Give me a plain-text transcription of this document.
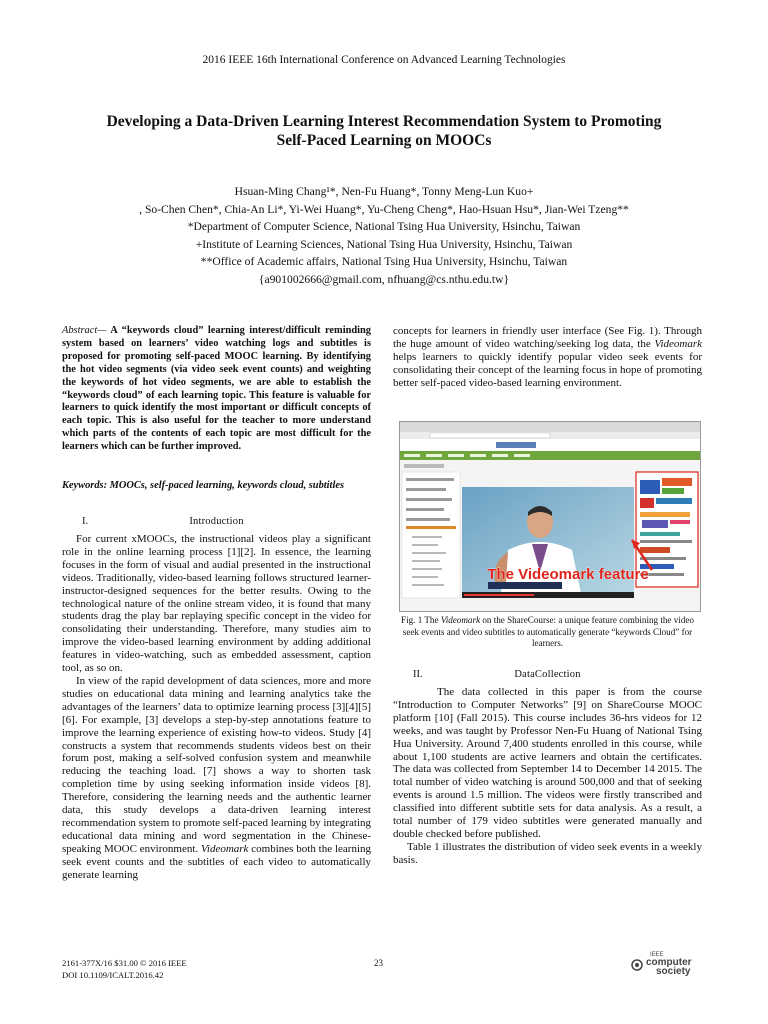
2016 IEEE 16th International Conference on Advanced Learning Technologies
Developing a Data-Driven Learning Interest Recommendation System to Promoting
Self-Paced Learning on MOOCs
Hsuan-Ming Chang¹*, Nen-Fu Huang*, Tonny Meng-Lun Kuo+
, So-Chen Chen*, Chia-An Li*, Yi-Wei Huang*, Yu-Cheng Cheng*, Hao-Hsuan Hsu*, Jian-Wei Tzeng**
*Department of Computer Science, National Tsing Hua University, Hsinchu, Taiwan
+Institute of Learning Sciences, National Tsing Hua University, Hsinchu, Taiwan
**Office of Academic affairs, National Tsing Hua University, Hsinchu, Taiwan
{a901002666@gmail.com, nfhuang@cs.nthu.edu.tw}
Abstract— A “keywords cloud” learning interest/difficult reminding system based on learners’ video watching logs and subtitles is proposed for promoting self-paced MOOC learning. By identifying the hot video segments (via video seek event counts) and weighting the keywords of hot video segments, we are able to establish the “keywords cloud” of each learning topic. This feature is valuable for learners to quick identify the most important or difficult concepts of each topic. This is also useful for the teacher to more understand which parts of the contents of each topic are most difficult for the learners which can be further improved.
Keywords: MOOCs, self-paced learning, keywords cloud, subtitles
I.	Introduction

For current xMOOCs, the instructional videos play a significant role in the online learning process [1][2]. In essence, the learning focuses in the form of visual and audial presented in the instructional videos. Traditionally, video-based learning follows structured learner-instructor-designed sequences for the better results. Owing to the technological nature of the online stream video, it is found that many students drag the play bar replaying specific concept in the video for consolidating their understanding. Therefore, many studies aim to improve the video-based learning environment by adding additional features in video-watching, such as embedded assessment, caption tool, as so on.

In view of the rapid development of data sciences, more and more studies on educational data mining and learning analytics take the advantages of the learners’ data to optimize learning process [3][4][5][6]. For example, [3] develops a step-by-step annotations feature to improve the learning experience of existing how-to videos. Study [4] constructs a system that recommends students videos best on their forum post, making a self-solved confusion system and meanwhile reducing the teaching load. [7] shows a way to shorten task completion time by using seeking information inside videos [8]. Therefore, considering the learning needs and the authentic learner data, this study develops a data-driven learning interest recommendation system to promote self-paced learning by integrating educational data mining and word segmentation in the Chinese-speaking MOOC environment. Videomark combines both the learning seek event counts and the subtitles of each video to automatically generate learning

concepts for learners in friendly user interface (See Fig. 1). Through the huge amount of video watching/seeking log data, the Videomark helps learners to quickly identify popular video seek events for consolidating their concept of the learning focus in hope of promoting better self-paced video-based learning environment.
The Videomark feature
Fig. 1 The Videomark on the ShareCourse: a unique feature combining the video seek events and video subtitles to automatically generate “keywords Cloud” for learners.
II.	DataCollection

The data collected in this paper is from the course “Introduction to Computer Networks” [9] on ShareCourse MOOC platform [10] (Fall 2015). This course includes 36-hrs videos for 12 weeks, and was taught by Professor Nen-Fu Huang of National Tsing Hua University. Around 7,400 students enrolled in this course, while about 1,100 students are active learners and obtain the certificates. The data was collected from September 14 to December 14 2015. The total number of video watching is around 500,000 and that of seeking events is around 1.5 million. The videos were firstly transcribed and classified into different subtitle sets for data analysis. As a result, a total number of 179 video subtitles were generated manually and double checked before published.

Table 1 illustrates the distribution of video seek events in a weekly basis.

2161-377X/16 $31.00 © 2016 IEEE
DOI 10.1109/ICALT.2016.42
23
IEEE
computer
society
